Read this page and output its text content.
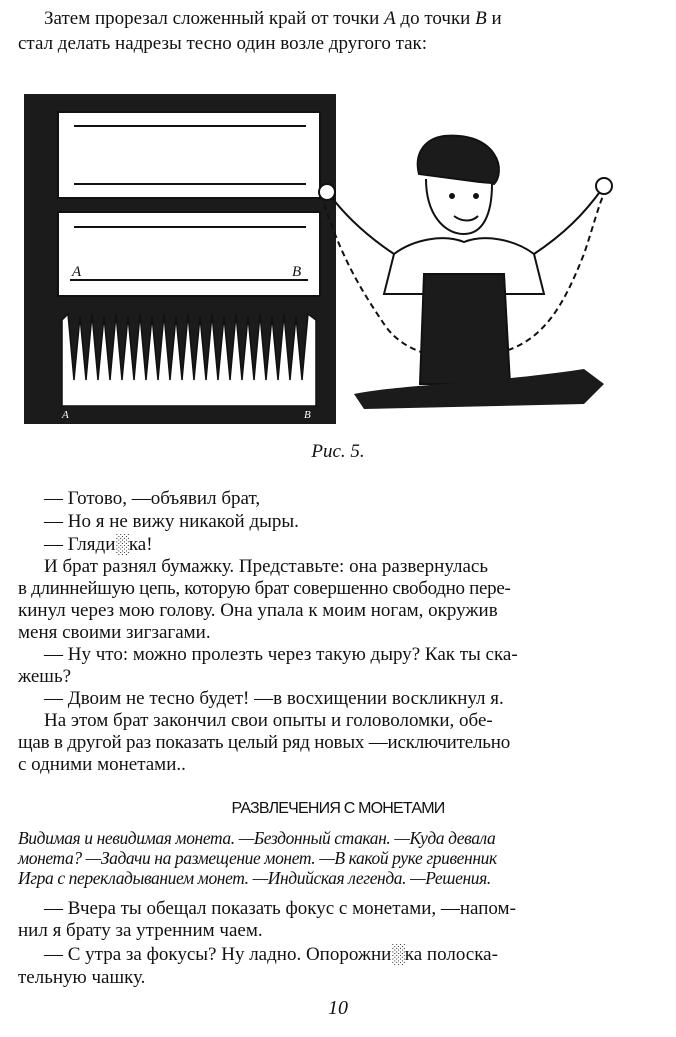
Затем прорезал сложенный край от точки A до точки B и
стал делать надрезы тесно один возле другого так:
A	B
A	B
Рис. 5.
— Готово, —объявил брат,
— Но я не вижу никакой дыры.
— Гляди░ка!
И брат разнял бумажку. Представьте: она развернулась
в длиннейшую цепь, которую брат совершенно свободно пере-
кинул через мою голову. Она упала к моим ногам, окружив
меня своими зигзагами.
— Ну что: можно пролезть через такую дыру? Как ты ска-
жешь?
— Двоим не тесно будет! —в восхищении воскликнул я.
На этом брат закончил свои опыты и головоломки, обе-
щав в другой раз показать целый ряд новых —исключительно
с одними монетами..
РАЗВЛЕЧЕНИЯ С МОНЕТАМИ
Видимая и невидимая монета. —Бездонный стакан. —Куда девала
монета? —Задачи на размещение монет. —В какой руке гривенник
Игра с перекладыванием монет. —Индийская легенда. —Решения.
— Вчера ты обещал показать фокус с монетами, —напом-
нил я брату за утренним чаем.
— С утра за фокусы? Ну ладно. Опорожни░ка полоска-
тельную чашку.
10
